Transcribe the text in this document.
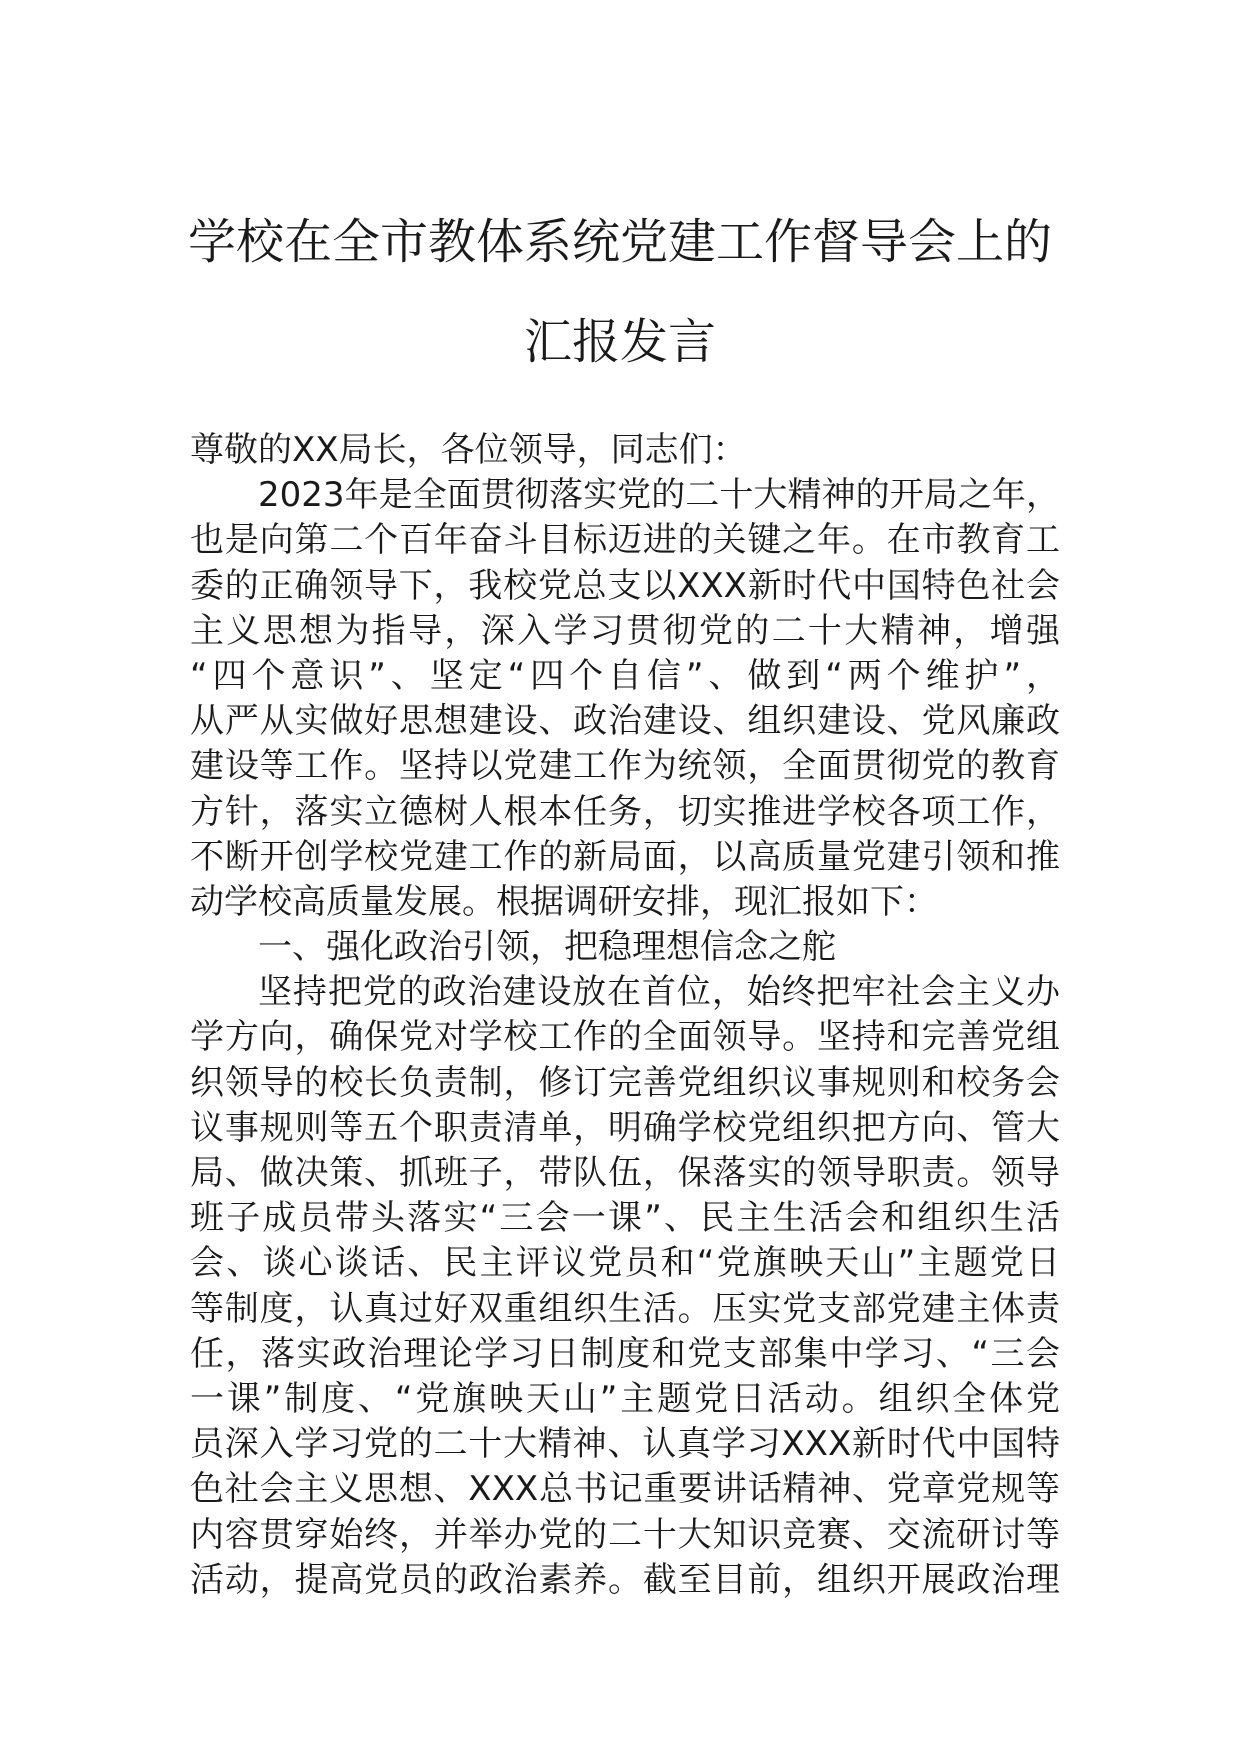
学校在全市教体系统党建工作督导会上的
汇报发言
尊敬的XX局长，各位领导，同志们：
2023年是全面贯彻落实党的二十大精神的开局之年，
也是向第二个百年奋斗目标迈进的关键之年。在市教育工
委的正确领导下，我校党总支以XXX新时代中国特色社会
主义思想为指导，深入学习贯彻党的二十大精神，增强
“四个意识”、坚定“四个自信”、做到“两个维护”，
从严从实做好思想建设、政治建设、组织建设、党风廉政
建设等工作。坚持以党建工作为统领，全面贯彻党的教育
方针，落实立德树人根本任务，切实推进学校各项工作，
不断开创学校党建工作的新局面，以高质量党建引领和推
动学校高质量发展。根据调研安排，现汇报如下：
一、强化政治引领，把稳理想信念之舵
坚持把党的政治建设放在首位，始终把牢社会主义办
学方向，确保党对学校工作的全面领导。坚持和完善党组
织领导的校长负责制，修订完善党组织议事规则和校务会
议事规则等五个职责清单，明确学校党组织把方向、管大
局、做决策、抓班子，带队伍，保落实的领导职责。领导
班子成员带头落实“三会一课”、民主生活会和组织生活
会、谈心谈话、民主评议党员和“党旗映天山”主题党日
等制度，认真过好双重组织生活。压实党支部党建主体责
任，落实政治理论学习日制度和党支部集中学习、“三会
一课”制度、“党旗映天山”主题党日活动。组织全体党
员深入学习党的二十大精神、认真学习XXX新时代中国特
色社会主义思想、XXX总书记重要讲话精神、党章党规等
内容贯穿始终，并举办党的二十大知识竞赛、交流研讨等
活动，提高党员的政治素养。截至目前，组织开展政治理
